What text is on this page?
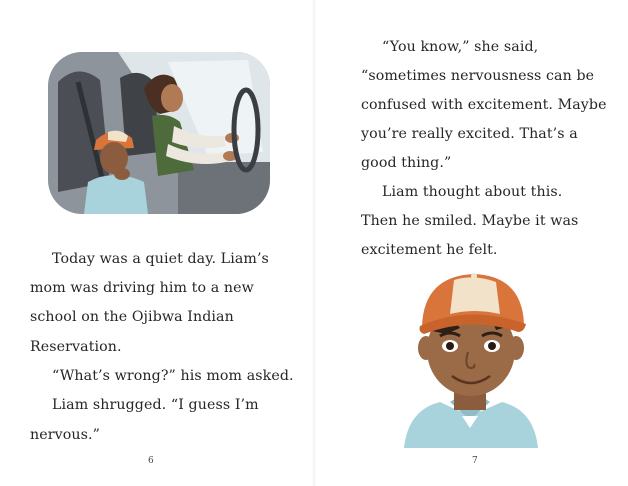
Today was a quiet day. Liam’s
mom was driving him to a new
school on the Ojibwa Indian
Reservation.
“What’s wrong?” his mom asked.
Liam shrugged. “I guess I’m
nervous.”
6
“You know,” she said,
“sometimes nervousness can be
confused with excitement. Maybe
you’re really excited. That’s a
good thing.”
Liam thought about this.
Then he smiled. Maybe it was
excitement he felt.
7
